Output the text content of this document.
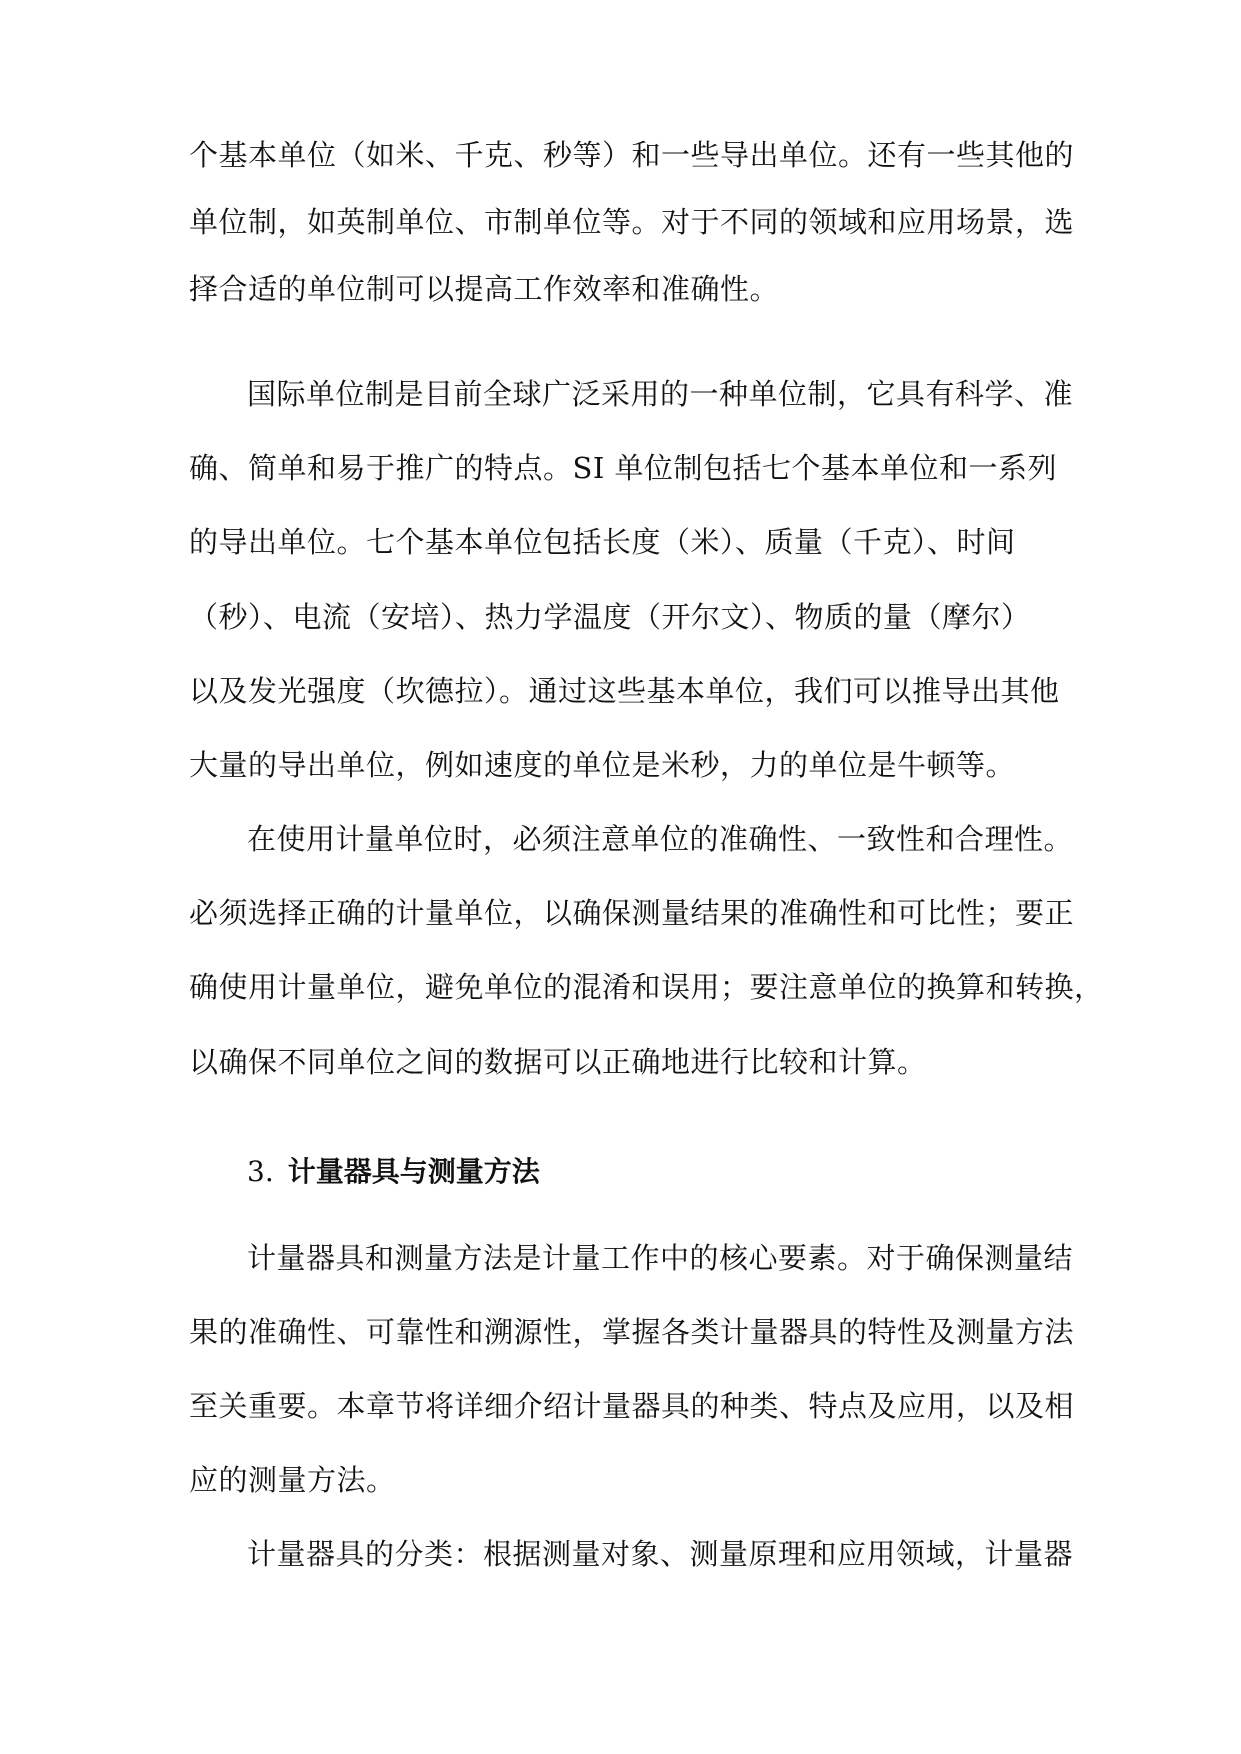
个基本单位（如米、千克、秒等）和一些导出单位。还有一些其他的
单位制，如英制单位、市制单位等。对于不同的领域和应用场景，选
择合适的单位制可以提高工作效率和准确性。
国际单位制是目前全球广泛采用的一种单位制，它具有科学、准
确、简单和易于推广的特点。SI 单位制包括七个基本单位和一系列
的导出单位。七个基本单位包括长度（米）、质量（千克）、时间
（秒）、电流（安培）、热力学温度（开尔文）、物质的量（摩尔）
以及发光强度（坎德拉）。通过这些基本单位，我们可以推导出其他
大量的导出单位，例如速度的单位是米秒，力的单位是牛顿等。
在使用计量单位时，必须注意单位的准确性、一致性和合理性。
必须选择正确的计量单位，以确保测量结果的准确性和可比性；要正
确使用计量单位，避免单位的混淆和误用；要注意单位的换算和转换，
以确保不同单位之间的数据可以正确地进行比较和计算。
3. 计量器具与测量方法
计量器具和测量方法是计量工作中的核心要素。对于确保测量结
果的准确性、可靠性和溯源性，掌握各类计量器具的特性及测量方法
至关重要。本章节将详细介绍计量器具的种类、特点及应用，以及相
应的测量方法。
计量器具的分类：根据测量对象、测量原理和应用领域，计量器
